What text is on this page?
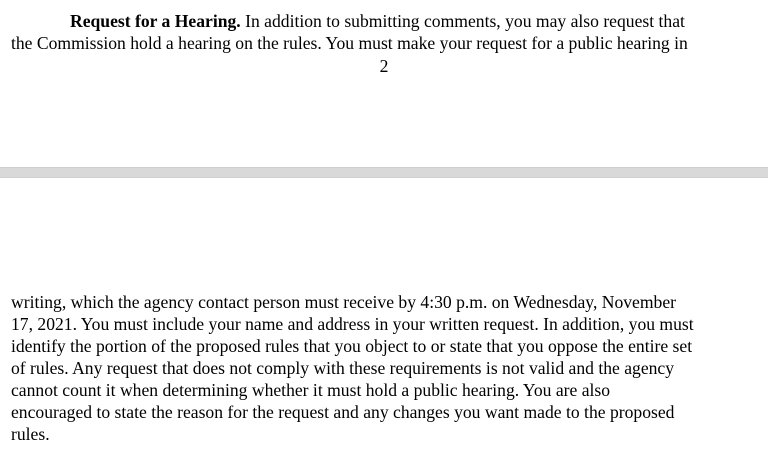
Request for a Hearing. In addition to submitting comments, you may also request that

the Commission hold a hearing on the rules. You must make your request for a public hearing in

2

writing, which the agency contact person must receive by 4:30 p.m. on Wednesday, November

17, 2021. You must include your name and address in your written request. In addition, you must

identify the portion of the proposed rules that you object to or state that you oppose the entire set

of rules. Any request that does not comply with these requirements is not valid and the agency

cannot count it when determining whether it must hold a public hearing. You are also

encouraged to state the reason for the request and any changes you want made to the proposed

rules.
